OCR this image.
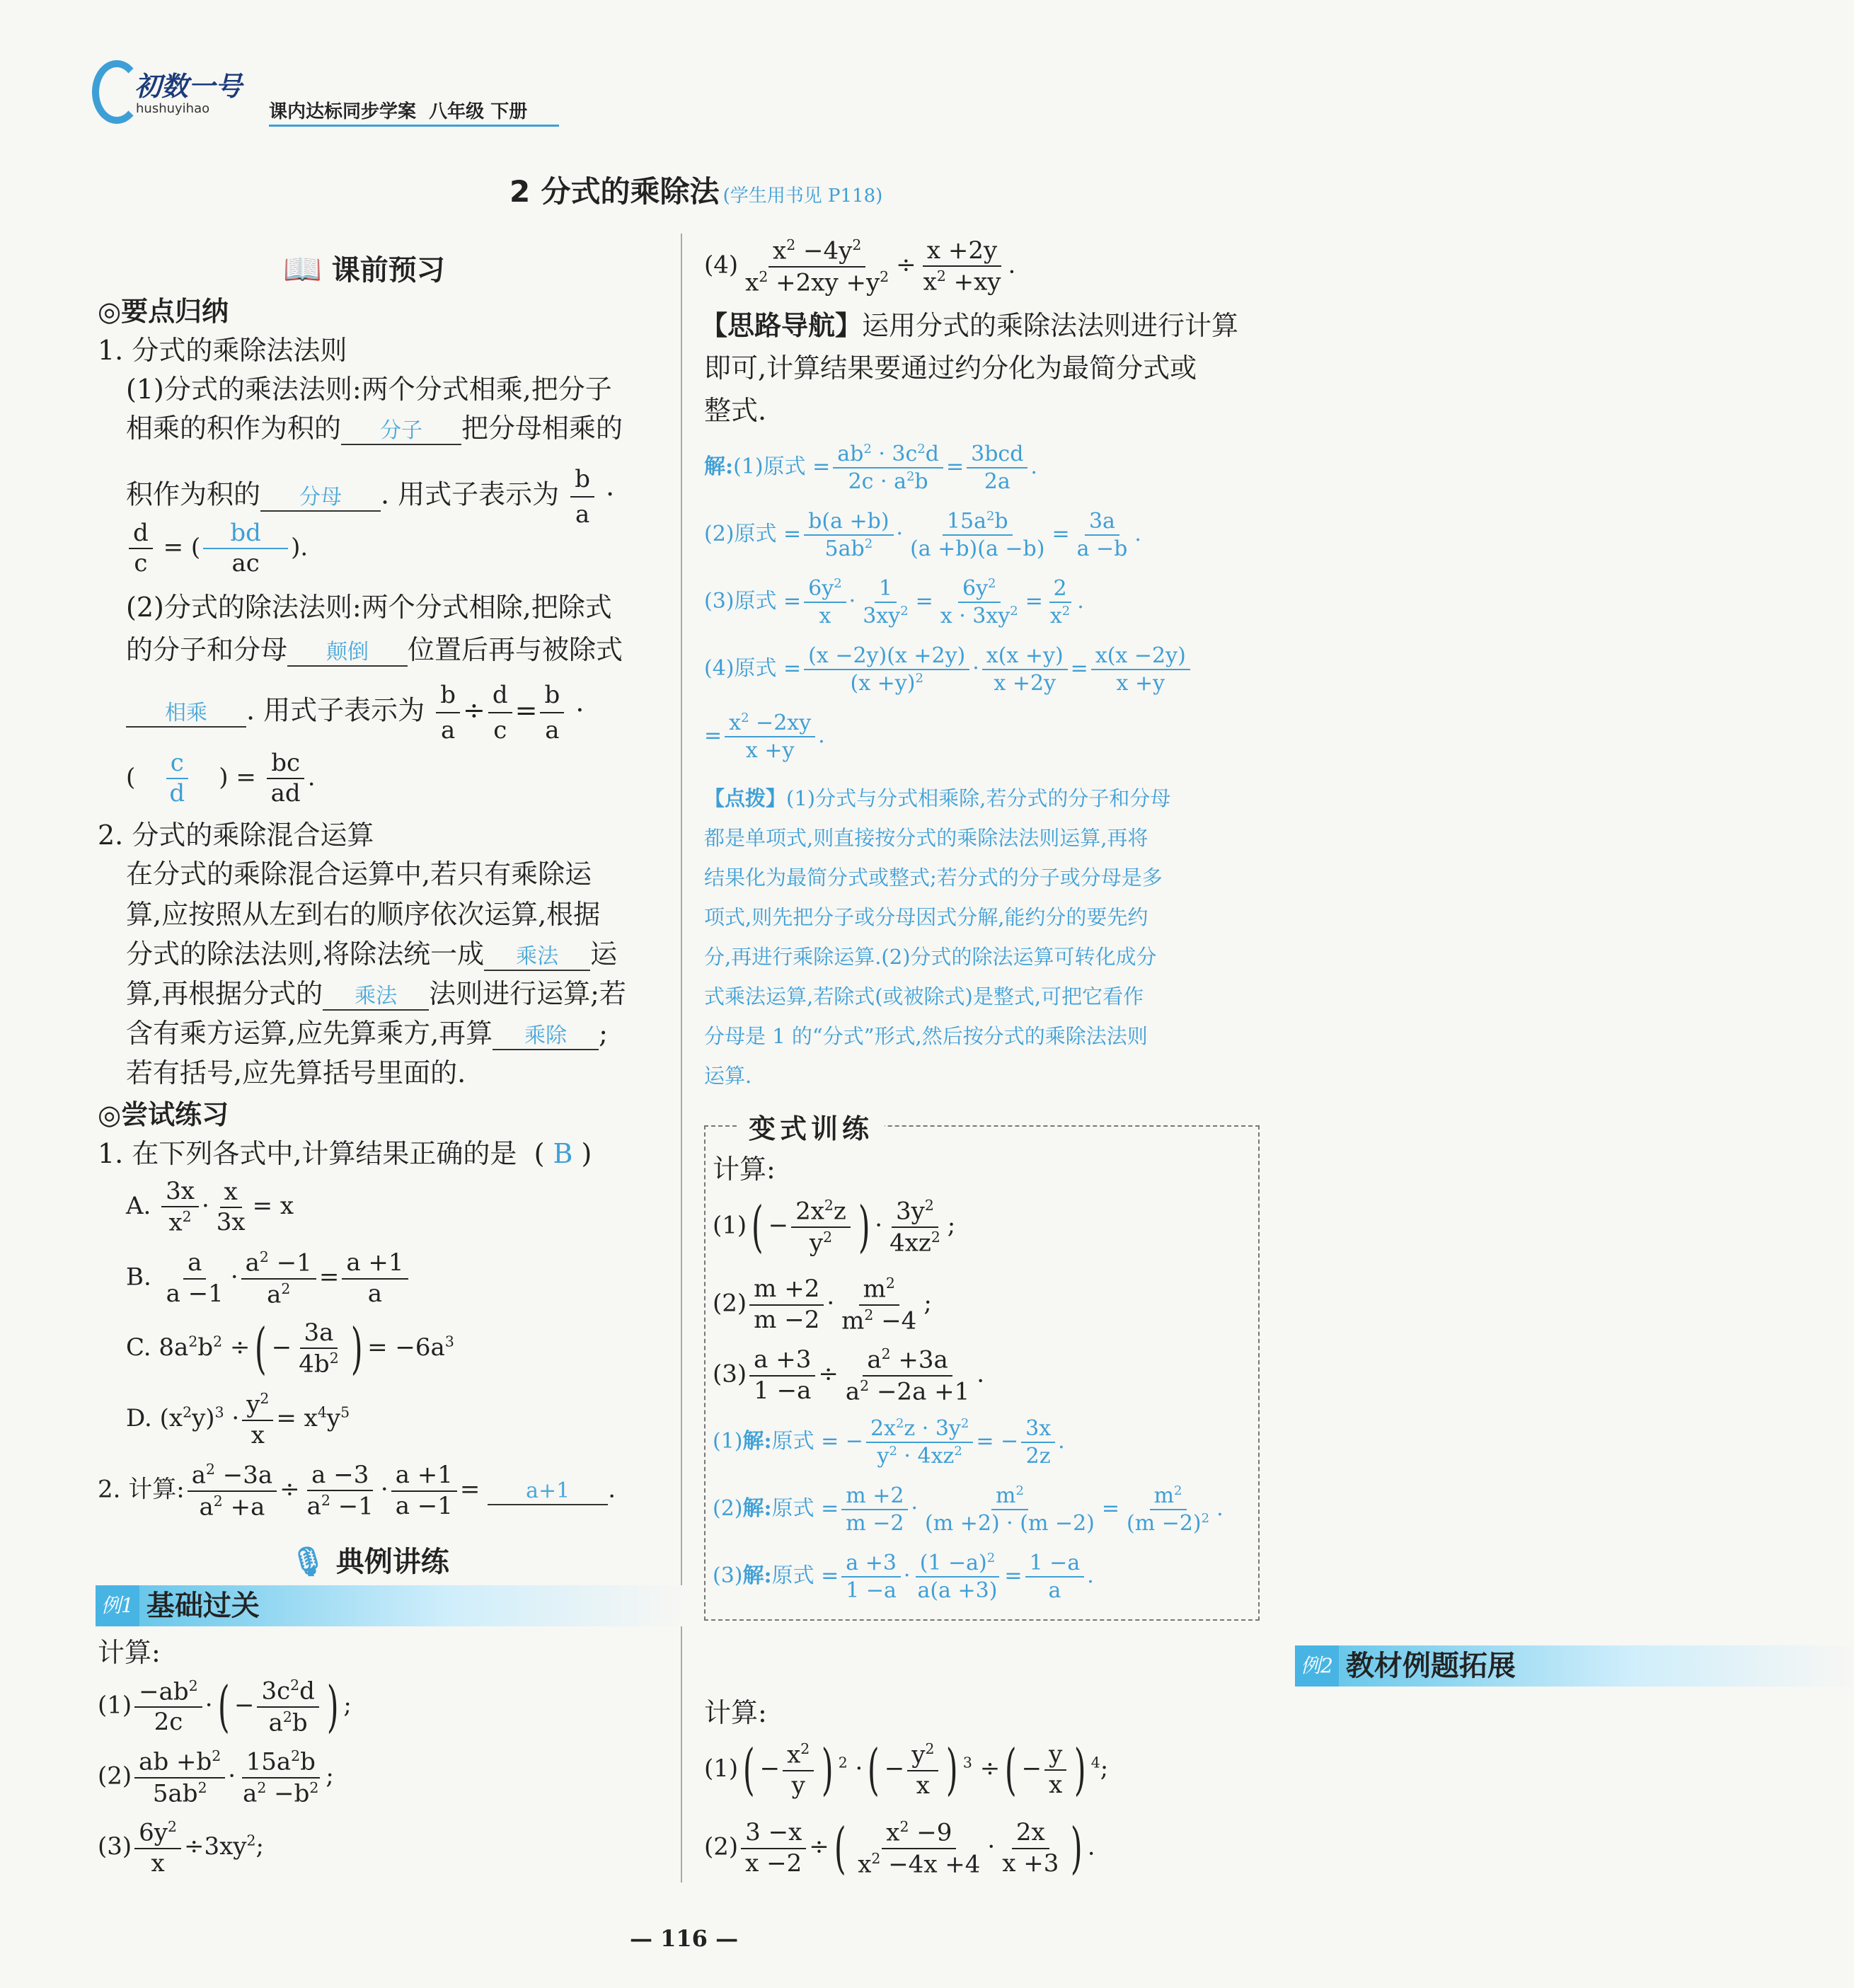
初数一号
hushuyihao	课内达标同步学案 八年级 下册
2 分式的乘除法 (学生用书见 P118)
📖 课前预习
◎要点归纳
1. 分式的乘除法法则
(1)分式的乘法法则:两个分式相乘,把分子
相乘的积作为积的 分子 把分母相乘的
积作为积的 分母 . 用式子表示为 $\frac{b}{a}$ ·
$\frac{d}{c}$ = ( $\frac{bd}{ac}$ ).
(2)分式的除法法则:两个分式相除,把除式
的分子和分母 颠倒 位置后再与被除式
相乘 . 用式子表示为 $\frac{b}{a} \div \frac{d}{c} = \frac{b}{a}$ ·
( $\frac{c}{d}$ ) = $\frac{bc}{ad}$ .
2. 分式的乘除混合运算
在分式的乘除混合运算中,若只有乘除运
算,应按照从左到右的顺序依次运算,根据
分式的除法法则,将除法统一成 乘法 运
算,再根据分式的 乘法 法则进行运算;若
含有乘方运算,应先算乘方,再算 乘除 ;
若有括号,应先算括号里面的.
◎尝试练习
1. 在下列各式中,计算结果正确的是  ( B )
A. $\frac{3x}{x^2} \cdot \frac{x}{3x} = x$
B. $\frac{a}{a -1} \cdot \frac{a^2 -1}{a^2} = \frac{a +1}{a}$
C. $8a^2b^2$ ÷( − $\frac{3a}{4b^2}$ ) = $-6a^3$
D. $(x^2y)^3 \cdot \frac{y^2}{x} = x^4y^5$
2. 计算: $\frac{a^2 -3a}{a^2 +a} \div \frac{a -3}{a^2 -1} \cdot \frac{a +1}{a -1} = a+1$ .
🎙 典例讲练
例1 基础过关
计算:
$(1) \frac{-ab^2}{2c}$ ·( − $\frac{3c^2d}{a^2b}$ ) ;
$(2) \frac{ab +b^2}{5ab^2} \cdot \frac{15a^2b}{a^2 -b^2}$ ;
$(3) \frac{6y^2}{x} \div 3xy^2$;
$(4) \frac{x^2 -4y^2}{x^2 +2xy +y^2} \div \frac{x +2y}{x^2 +xy}$ .
【思路导航】运用分式的乘除法法则进行计算
即可,计算结果要通过约分化为最简分式或
整式.
解:(1)原式 = $\frac{ab^2 \cdot 3c^2d}{2c \cdot a^2b}$ =
3bcd
2a
.
(2)原式 = $\frac{b(a +b)}{5ab^2} \cdot \frac{15a^2b}{(a +b)(a -b)} = \frac{3a}{a -b}$ .
(3)原式 = $\frac{6y^2}{x} \cdot \frac{1}{3xy^2} = \frac{6y^2}{x \cdot 3xy^2} = \frac{2}{x^2}$ .
(4)原式 = $\frac{(x -2y)(x +2y)}{(x +y)^2} \cdot \frac{x(x +y)}{x +2y} = \frac{x(x -2y)}{x +y}$
= $\frac{x^2 -2xy}{x +y}$ .
【点拨】(1)分式与分式相乘除,若分式的分子和分母
都是单项式,则直接按分式的乘除法法则运算,再将
结果化为最简分式或整式;若分式的分子或分母是多
项式,则先把分子或分母因式分解,能约分的要先约
分,再进行乘除运算.(2)分式的除法运算可转化成分
式乘法运算,若除式(或被除式)是整式,可把它看作
分母是 1 的“分式”形式,然后按分式的乘除法法则
运算.
变式训练
计算:
$(1)( - \frac{2x^2z}{y^2}$ ) · $\frac{3y^2}{4xz^2}$ ;
$(2) \frac{m +2}{m -2} \cdot \frac{m^2}{m^2 -4}$ ;
$(3) \frac{a +3}{1 -a} \div \frac{a^2 +3a}{a^2 -2a +1}$ .
(1)解:原式 = − $\frac{2x^2z \cdot 3y^2}{y^2 \cdot 4xz^2}$ = − $\frac{3x}{2z}$ .
(2)解:原式 = $\frac{m +2}{m -2} \cdot \frac{m^2}{(m +2) \cdot (m -2)} = \frac{m^2}{(m -2)^2}$ .
(3)解:原式 = $\frac{a +3}{1 -a} \cdot \frac{(1 -a)^2}{a(a +3)} = \frac{1 -a}{a}$ .
例2 教材例题拓展
计算:
$(1)( - \frac{x^2}{y}$ ) $^2$ ·( − $\frac{y^2}{x}$ ) $^3$ ÷( − $\frac{y}{x}$ ) $^4$;
$(2) \frac{3 -x}{x -2}$ ÷( $\frac{x^2 -9}{x^2 -4x +4} \cdot \frac{2x}{x +3}$ ) .
— 116 —
